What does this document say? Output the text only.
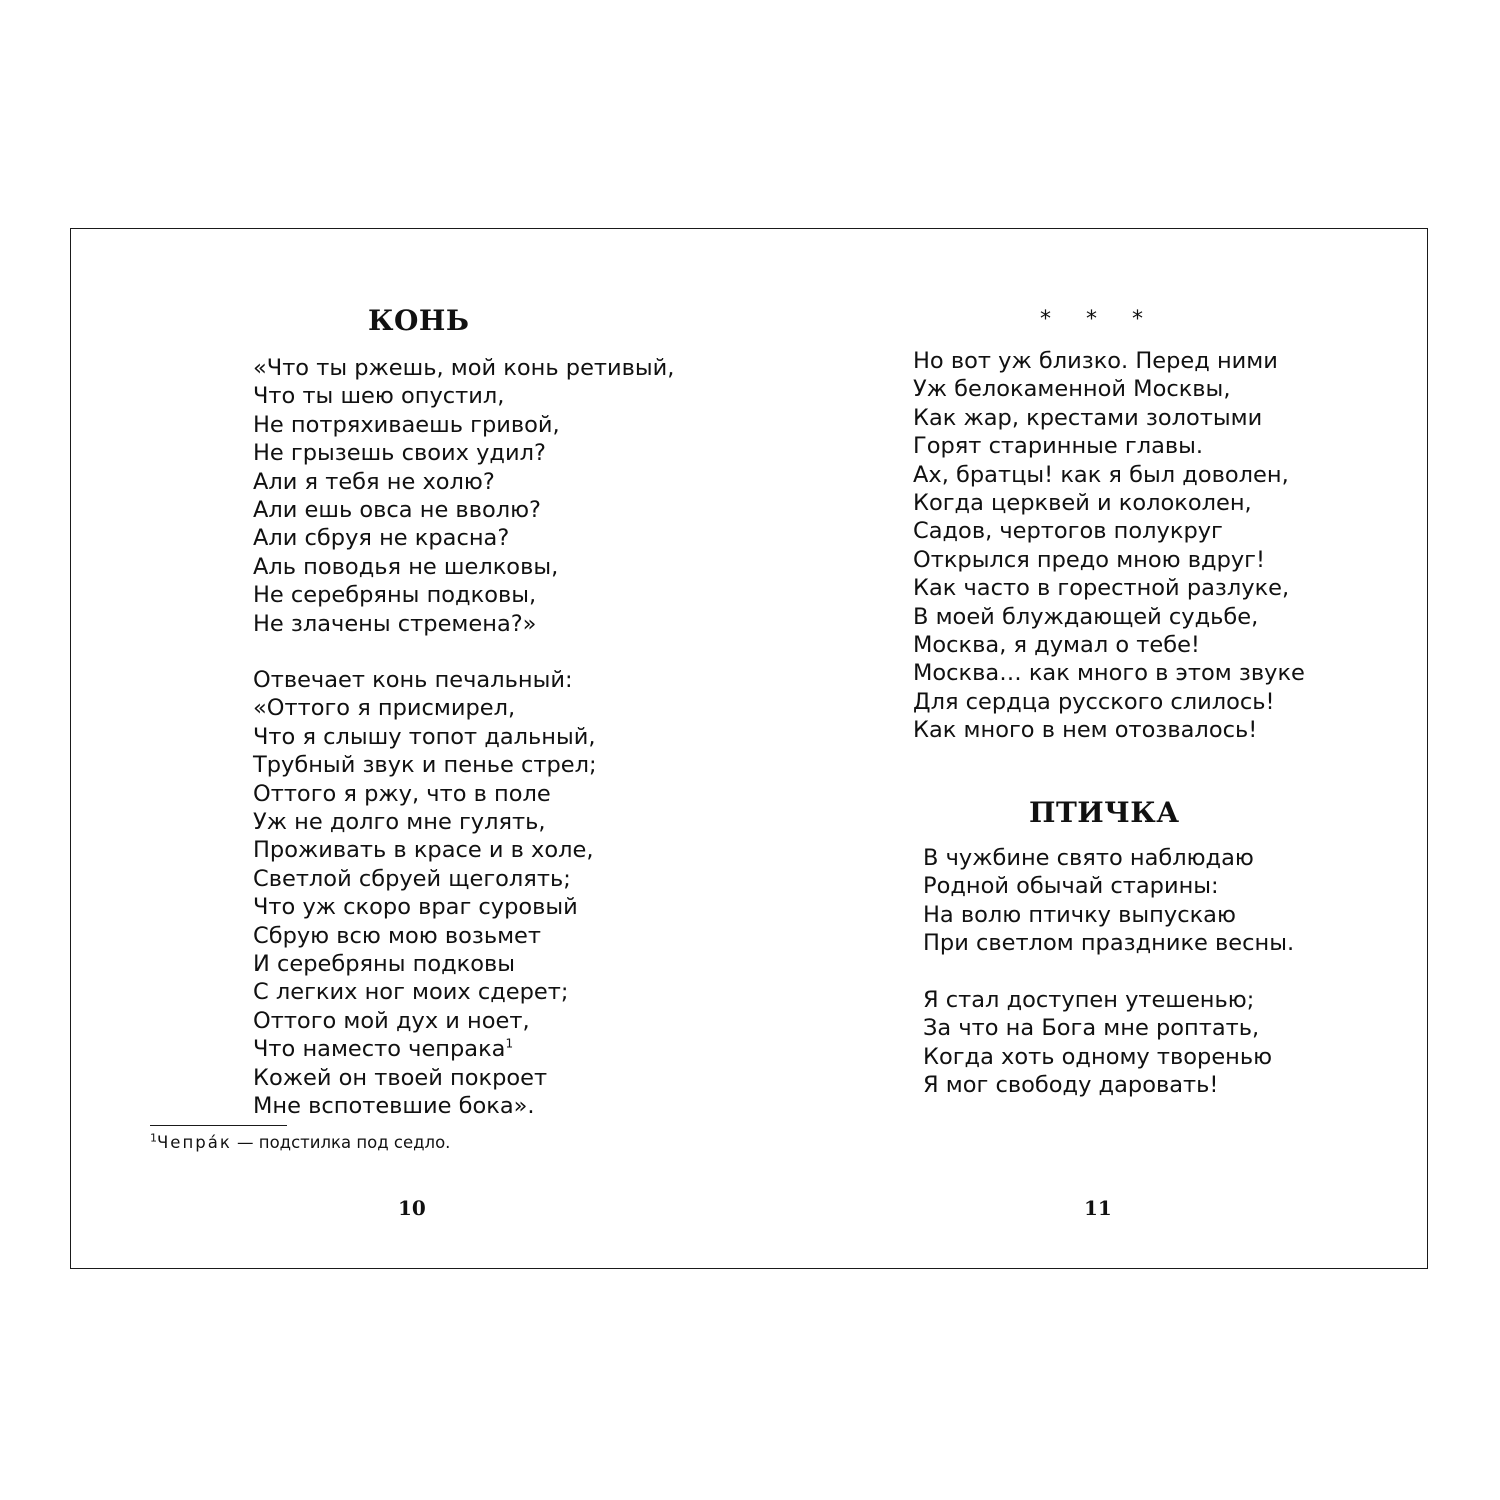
КОНЬ
«Что ты ржешь, мой конь ретивый,
Что ты шею опустил,
Не потряхиваешь гривой,
Не грызешь своих удил?
Али я тебя не холю?
Али ешь овса не вволю?
Али сбруя не красна?
Аль поводья не шелковы,
Не серебряны подковы,
Не злачены стремена?»
Отвечает конь печальный:
«Оттого я присмирел,
Что я слышу топот дальный,
Трубный звук и пенье стрел;
Оттого я ржу, что в поле
Уж не долго мне гулять,
Проживать в красе и в холе,
Светлой сбруей щеголять;
Что уж скоро враг суровый
Сбрую всю мою возьмет
И серебряны подковы
С легких ног моих сдерет;
Оттого мой дух и ноет,
Что наместо чепрака$^1$
Кожей он твоей покроет
Мне вспотевшие бока».
$^1$Чепра́к — подстилка под седло.
10
* * *
Но вот уж близко. Перед ними
Уж белокаменной Москвы,
Как жар, крестами золотыми
Горят старинные главы.
Ах, братцы! как я был доволен,
Когда церквей и колоколен,
Садов, чертогов полукруг
Открылся предо мною вдруг!
Как часто в горестной разлуке,
В моей блуждающей судьбе,
Москва, я думал о тебе!
Москва… как много в этом звуке
Для сердца русского слилось!
Как много в нем отозвалось!
ПТИЧКА
В чужбине свято наблюдаю
Родной обычай старины:
На волю птичку выпускаю
При светлом празднике весны.
Я стал доступен утешенью;
За что на Бога мне роптать,
Когда хоть одному творенью
Я мог свободу даровать!
11
